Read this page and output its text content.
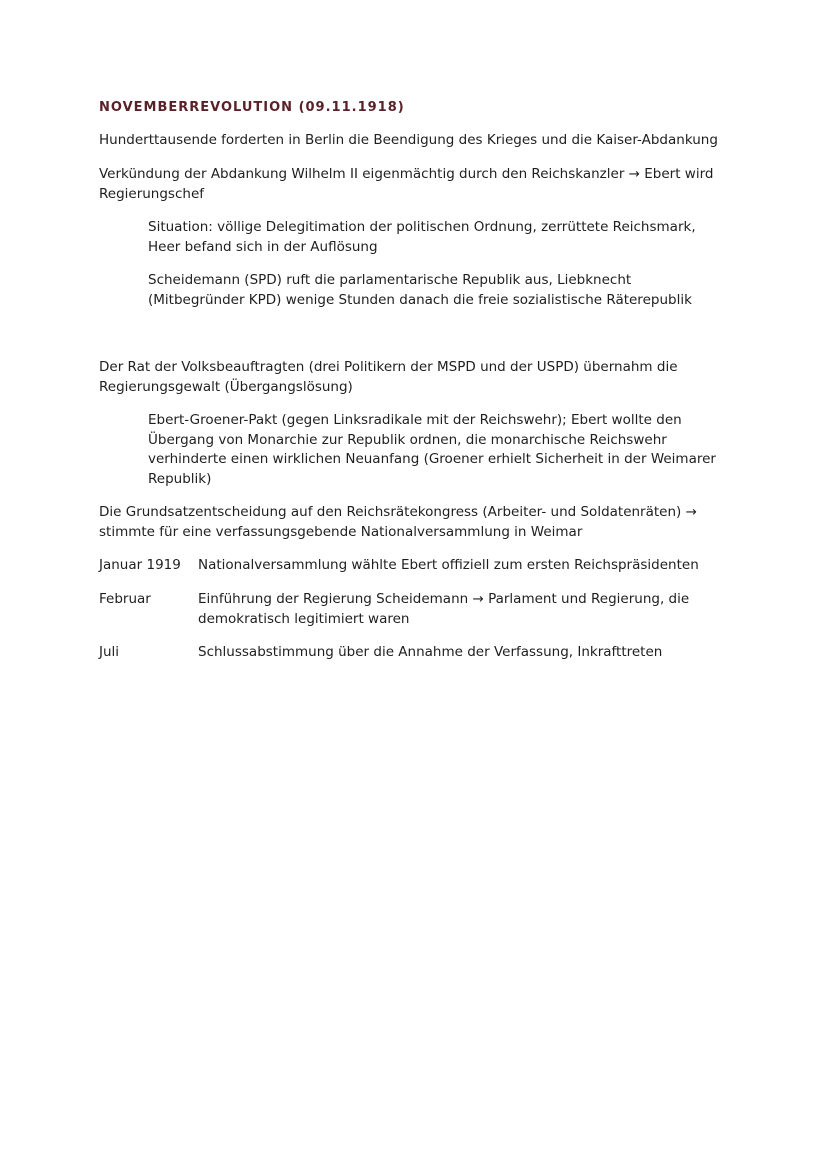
NOVEMBERREVOLUTION (09.11.1918)

Hunderttausende forderten in Berlin die Beendigung des Krieges und die Kaiser-Abdankung

Verkündung der Abdankung Wilhelm II eigenmächtig durch den Reichskanzler → Ebert wird Regierungschef

Situation: völlige Delegitimation der politischen Ordnung, zerrüttete Reichsmark, Heer befand sich in der Auflösung

Scheidemann (SPD) ruft die parlamentarische Republik aus, Liebknecht (Mitbegründer KPD) wenige Stunden danach die freie sozialistische Räterepublik

Der Rat der Volksbeauftragten (drei Politikern der MSPD und der USPD) übernahm die Regierungsgewalt (Übergangslösung)

Ebert-Groener-Pakt (gegen Linksradikale mit der Reichswehr); Ebert wollte den Übergang von Monarchie zur Republik ordnen, die monarchische Reichswehr verhinderte einen wirklichen Neuanfang (Groener erhielt Sicherheit in der Weimarer Republik)

Die Grundsatzentscheidung auf den Reichsrätekongress (Arbeiter- und Soldatenräten) → stimmte für eine verfassungsgebende Nationalversammlung in Weimar

Januar 1919	Nationalversammlung wählte Ebert offiziell zum ersten Reichspräsidenten
Februar	Einführung der Regierung Scheidemann → Parlament und Regierung, die demokratisch legitimiert waren
Juli	Schlussabstimmung über die Annahme der Verfassung, Inkrafttreten
